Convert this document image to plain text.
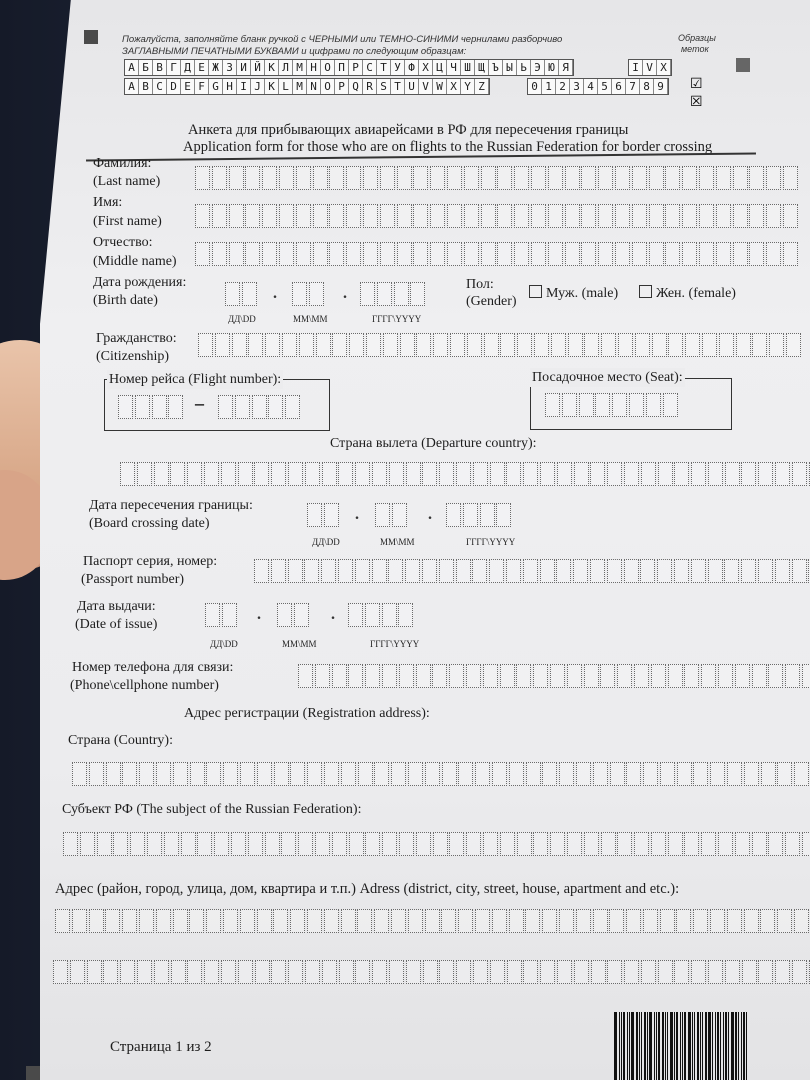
Пожалуйста, заполняйте бланк ручкой с ЧЕРНЫМИ или ТЕМНО-СИНИМИ чернилами разборчиво
ЗАГЛАВНЫМИ ПЕЧАТНЫМИ БУКВАМИ и цифрами по следующим образцам:
А Б В Г Д Е Ж З И Й К Л М Н О П Р С Т У Ф Х Ц Ч Ш Щ Ъ Ы Ь Э Ю Я
A B C D E F G H I J K L M N O P Q R S T U V W X Y Z
I V X
0 1 2 3 4 5 6 7 8 9
Образцы
меток
☑
☒
Анкета для прибывающих авиарейсами в РФ для пересечения границы
Application form for those who are on flights to the Russian Federation for border crossing
Фамилия:
(Last name)
Имя:
(First name)
Отчество:
(Middle name)
Дата рождения:
(Birth date)	.	.
ДД\DD	ММ\MM	ГГГГ\YYYY
Пол:
(Gender)
Муж. (male)	Жен. (female)
Гражданство:
(Citizenship)
Номер рейса (Flight number):
–
Посадочное место (Seat):
Страна вылета (Departure country):
Дата пересечения границы:
(Board crossing date)
.	.
ДД\DD	ММ\MM	ГГГГ\YYYY
Паспорт серия, номер:
(Passport number)
Дата выдачи:
(Date of issue)
.	.
ДД\DD	ММ\MM	ГГГГ\YYYY
Номер телефона для связи:
(Phone\cellphone number)
Адрес регистрации (Registration address):
Страна (Country):
Субъект РФ (The subject of the Russian Federation):
Адрес (район, город, улица, дом, квартира и т.п.) Adress (district, city, street, house, apartment and etc.):
Страница 1 из 2
